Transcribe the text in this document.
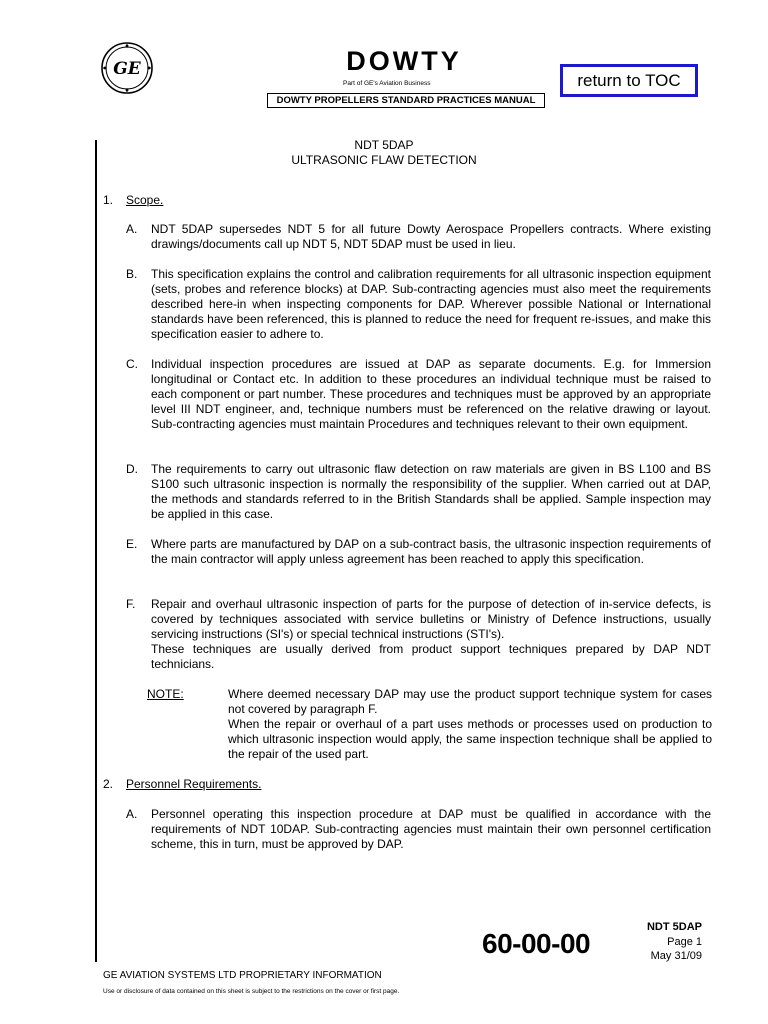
GE	DOWTY
Part of GE's Aviation Business
DOWTY PROPELLERS STANDARD PRACTICES MANUAL
return to TOC
NDT 5DAP
ULTRASONIC FLAW DETECTION
1. Scope.
A. NDT 5DAP supersedes NDT 5 for all future Dowty Aerospace Propellers contracts. Where existing drawings/documents call up NDT 5, NDT 5DAP must be used in lieu.

B. This specification explains the control and calibration requirements for all ultrasonic inspection equipment (sets, probes and reference blocks) at DAP. Sub-contracting agencies must also meet the requirements described here-in when inspecting components for DAP. Wherever possible National or International standards have been referenced, this is planned to reduce the need for frequent re-issues, and make this specification easier to adhere to.

C. Individual inspection procedures are issued at DAP as separate documents. E.g. for Immersion longitudinal or Contact etc. In addition to these procedures an individual technique must be raised to each component or part number. These procedures and techniques must be approved by an appropriate level III NDT engineer, and, technique numbers must be referenced on the relative drawing or layout. Sub-contracting agencies must maintain Procedures and techniques relevant to their own equipment.

D. The requirements to carry out ultrasonic flaw detection on raw materials are given in BS L100 and BS S100 such ultrasonic inspection is normally the responsibility of the supplier. When carried out at DAP, the methods and standards referred to in the British Standards shall be applied. Sample inspection may be applied in this case.

E. Where parts are manufactured by DAP on a sub-contract basis, the ultrasonic inspection requirements of the main contractor will apply unless agreement has been reached to apply this specification.

F. Repair and overhaul ultrasonic inspection of parts for the purpose of detection of in-service defects, is covered by techniques associated with service bulletins or Ministry of Defence instructions, usually servicing instructions (SI's) or special technical instructions (STI's).

These techniques are usually derived from product support techniques prepared by DAP NDT technicians.

NOTE:	Where deemed necessary DAP may use the product support technique system for cases not covered by paragraph F.

When the repair or overhaul of a part uses methods or processes used on production to which ultrasonic inspection would apply, the same inspection technique shall be applied to the repair of the used part.

2. Personnel Requirements.
A. Personnel operating this inspection procedure at DAP must be qualified in accordance with the requirements of NDT 10DAP. Sub-contracting agencies must maintain their own personnel certification scheme, this in turn, must be approved by DAP.

60-00-00
NDT 5DAP
Page 1
May 31/09
GE AVIATION SYSTEMS LTD PROPRIETARY INFORMATION
Use or disclosure of data contained on this sheet is subject to the restrictions on the cover or first page.
